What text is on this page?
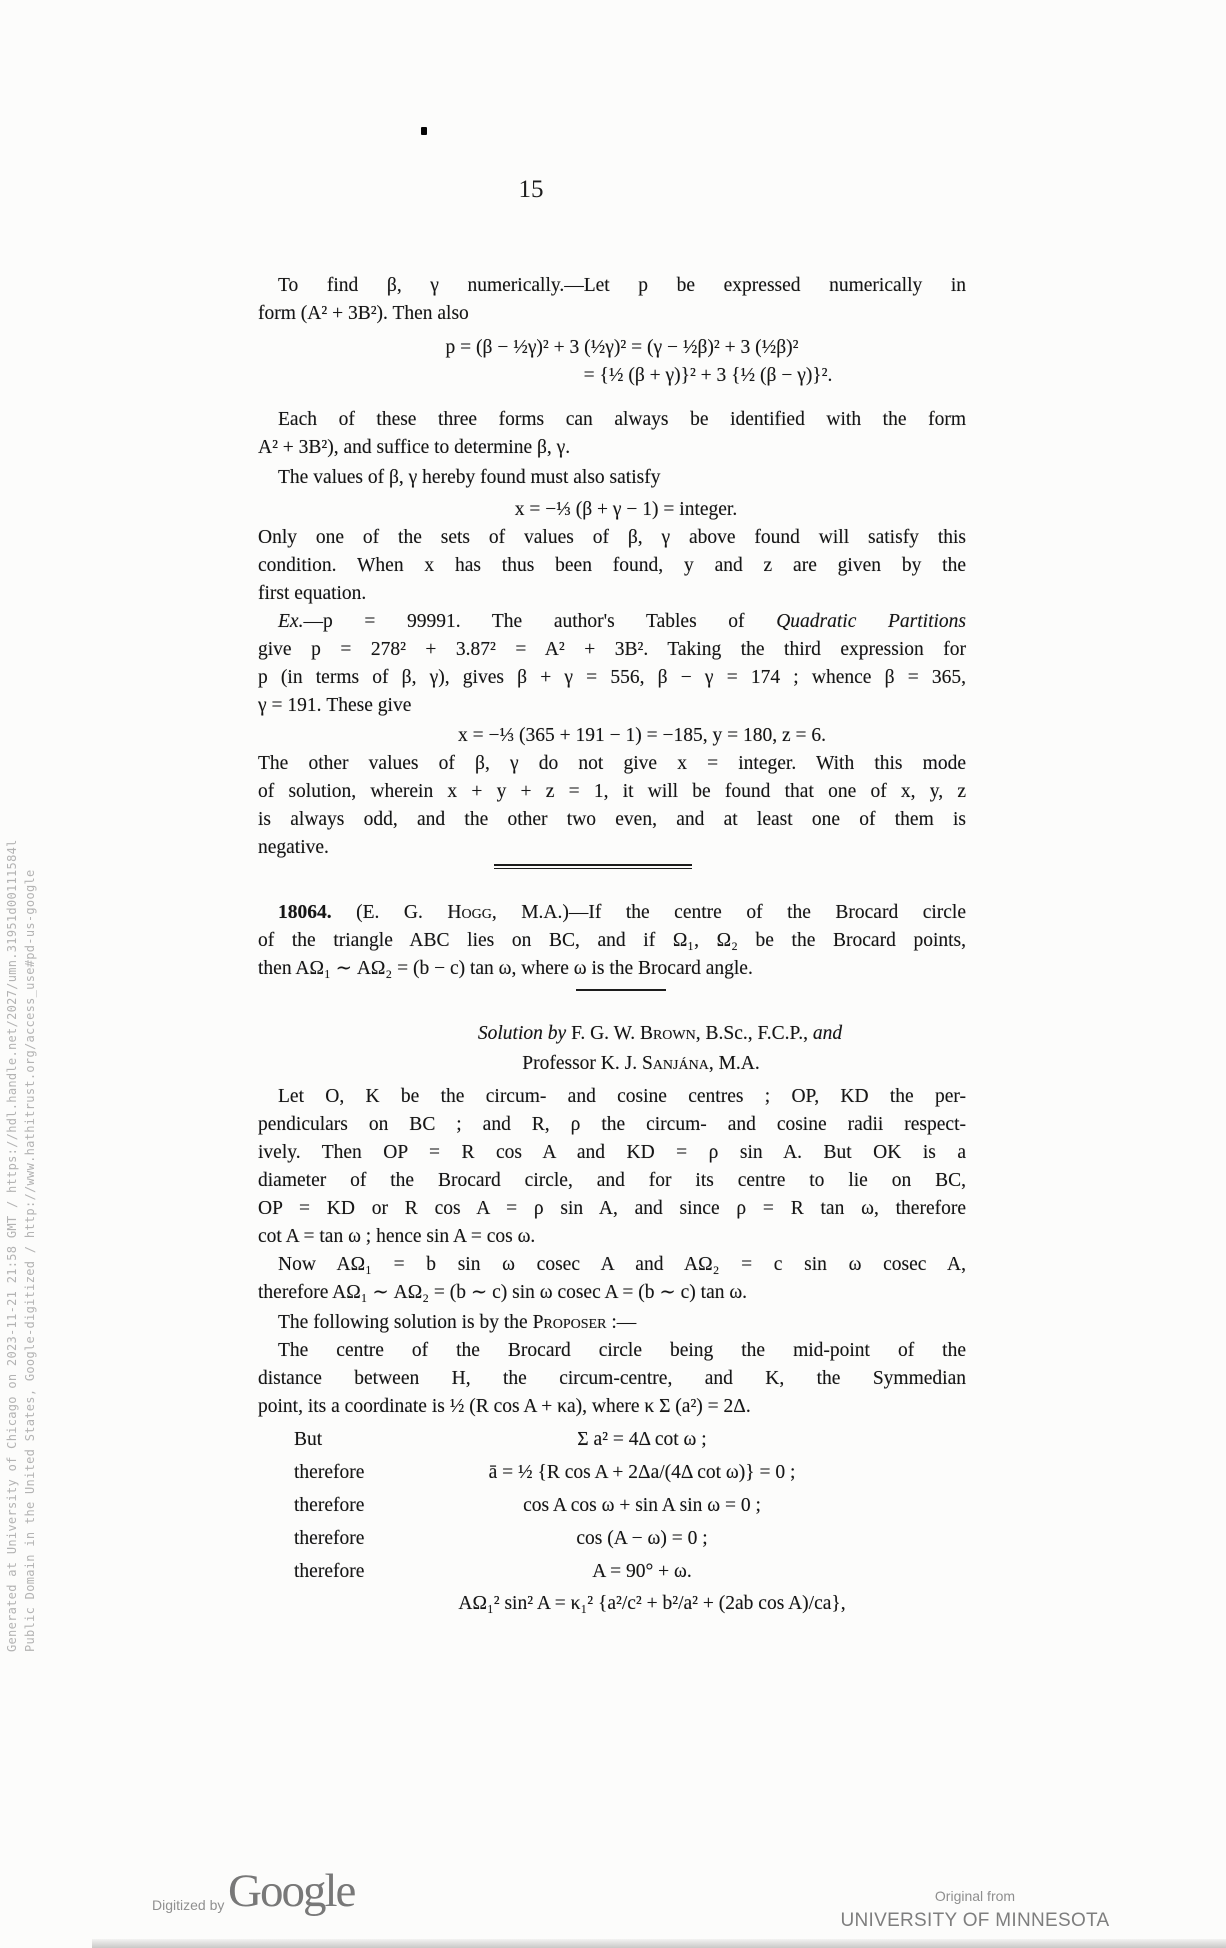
Generated at University of Chicago on 2023-11-21 21:58 GMT / https://hdl.handle.net/2027/umn.31951d00111584l Public Domain in the United States, Google-digitized / http://www.hathitrust.org/access_use#pd-us-google
15
To find β, γ numerically.—Let p be expressed numerically in
form (A² + 3B²). Then also
p = (β − ½γ)² + 3 (½γ)² = (γ − ½β)² + 3 (½β)²
= {½ (β + γ)}² + 3 {½ (β − γ)}².
Each of these three forms can always be identified with the form
A² + 3B²), and suffice to determine β, γ.
The values of β, γ hereby found must also satisfy
x = −⅓ (β + γ − 1) = integer.
Only one of the sets of values of β, γ above found will satisfy this
condition. When x has thus been found, y and z are given by the
first equation.
Ex.—p = 99991. The author's Tables of Quadratic Partitions
give p = 278² + 3.87² = A² + 3B². Taking the third expression for
p (in terms of β, γ), gives β + γ = 556, β − γ = 174 ; whence β = 365,
γ = 191. These give
x = −⅓ (365 + 191 − 1) = −185, y = 180, z = 6.
The other values of β, γ do not give x = integer. With this mode
of solution, wherein x + y + z = 1, it will be found that one of x, y, z
is always odd, and the other two even, and at least one of them is
negative.
18064. (E. G. Hogg, M.A.)—If the centre of the Brocard circle
of the triangle ABC lies on BC, and if Ω₁, Ω₂ be the Brocard points,
then AΩ₁ ∼ AΩ₂ = (b − c) tan ω, where ω is the Brocard angle.
Solution by F. G. W. Brown, B.Sc., F.C.P., and
Professor K. J. Sanjána, M.A.
Let O, K be the circum- and cosine centres ; OP, KD the per-
pendiculars on BC ; and R, ρ the circum- and cosine radii respect-
ively. Then OP = R cos A and KD = ρ sin A. But OK is a
diameter of the Brocard circle, and for its centre to lie on BC,
OP = KD or R cos A = ρ sin A, and since ρ = R tan ω, therefore
cot A = tan ω ; hence sin A = cos ω.
Now AΩ₁ = b sin ω cosec A and AΩ₂ = c sin ω cosec A,
therefore AΩ₁ ∼ AΩ₂ = (b ∼ c) sin ω cosec A = (b ∼ c) tan ω.
The following solution is by the Proposer :—
The centre of the Brocard circle being the mid-point of the
distance between H, the circum-centre, and K, the Symmedian
point, its a coordinate is ½ (R cos A + κa), where κ Σ (a²) = 2Δ.
But	Σ a² = 4Δ cot ω ;
therefore	ā = ½ {R cos A + 2Δa/(4Δ cot ω)} = 0 ;
therefore	cos A cos ω + sin A sin ω = 0 ;
therefore	cos (A − ω) = 0 ;
therefore	A = 90° + ω.
AΩ₁² sin² A = κ₁² {a²/c² + b²/a² + (2ab cos A)/ca},
Digitized by Google	Original from
UNIVERSITY OF MINNESOTA
